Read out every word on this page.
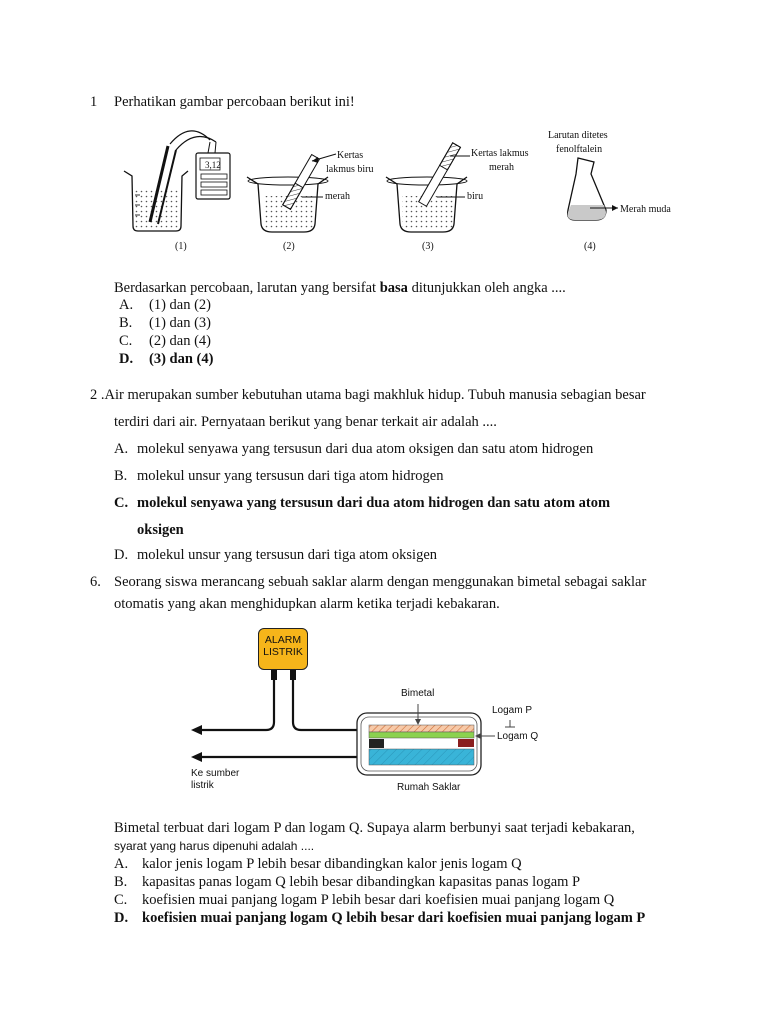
1 Perhatikan gambar percobaan berikut ini!
3,12
Kertas
lakmus biru
merah
Kertas lakmus
merah
biru
Larutan ditetes
fenolftalein
Merah muda
(1)	(2)	(3)	(4)
Berdasarkan percobaan, larutan yang bersifat basa ditunjukkan oleh angka ....
A. (1) dan (2)
B. (1) dan (3)
C. (2) dan (4)
D. (3) dan (4)
2 .Air merupakan sumber kebutuhan utama bagi makhluk hidup. Tubuh manusia sebagian besar
terdiri dari air. Pernyataan berikut yang benar terkait air adalah ....
A. molekul senyawa yang tersusun dari dua atom oksigen dan satu atom hidrogen
B. molekul unsur yang tersusun dari tiga atom hidrogen
C. molekul senyawa yang tersusun dari dua atom hidrogen dan satu atom atom
oksigen
D. molekul unsur yang tersusun dari tiga atom oksigen
6. Seorang siswa merancang sebuah saklar alarm dengan menggunakan bimetal sebagai saklar
otomatis yang akan menghidupkan alarm ketika terjadi kebakaran.
ALARM
LISTRIK
Bimetal
Logam P
Logam Q
Ke sumber
listrik	Rumah Saklar
Bimetal terbuat dari logam P dan logam Q. Supaya alarm berbunyi saat terjadi kebakaran,
syarat yang harus dipenuhi adalah ....
A. kalor jenis logam P lebih besar dibandingkan kalor jenis logam Q
B. kapasitas panas logam Q lebih besar dibandingkan kapasitas panas logam P
C. koefisien muai panjang logam P lebih besar dari koefisien muai panjang logam Q
D. koefisien muai panjang logam Q lebih besar dari koefisien muai panjang logam P
